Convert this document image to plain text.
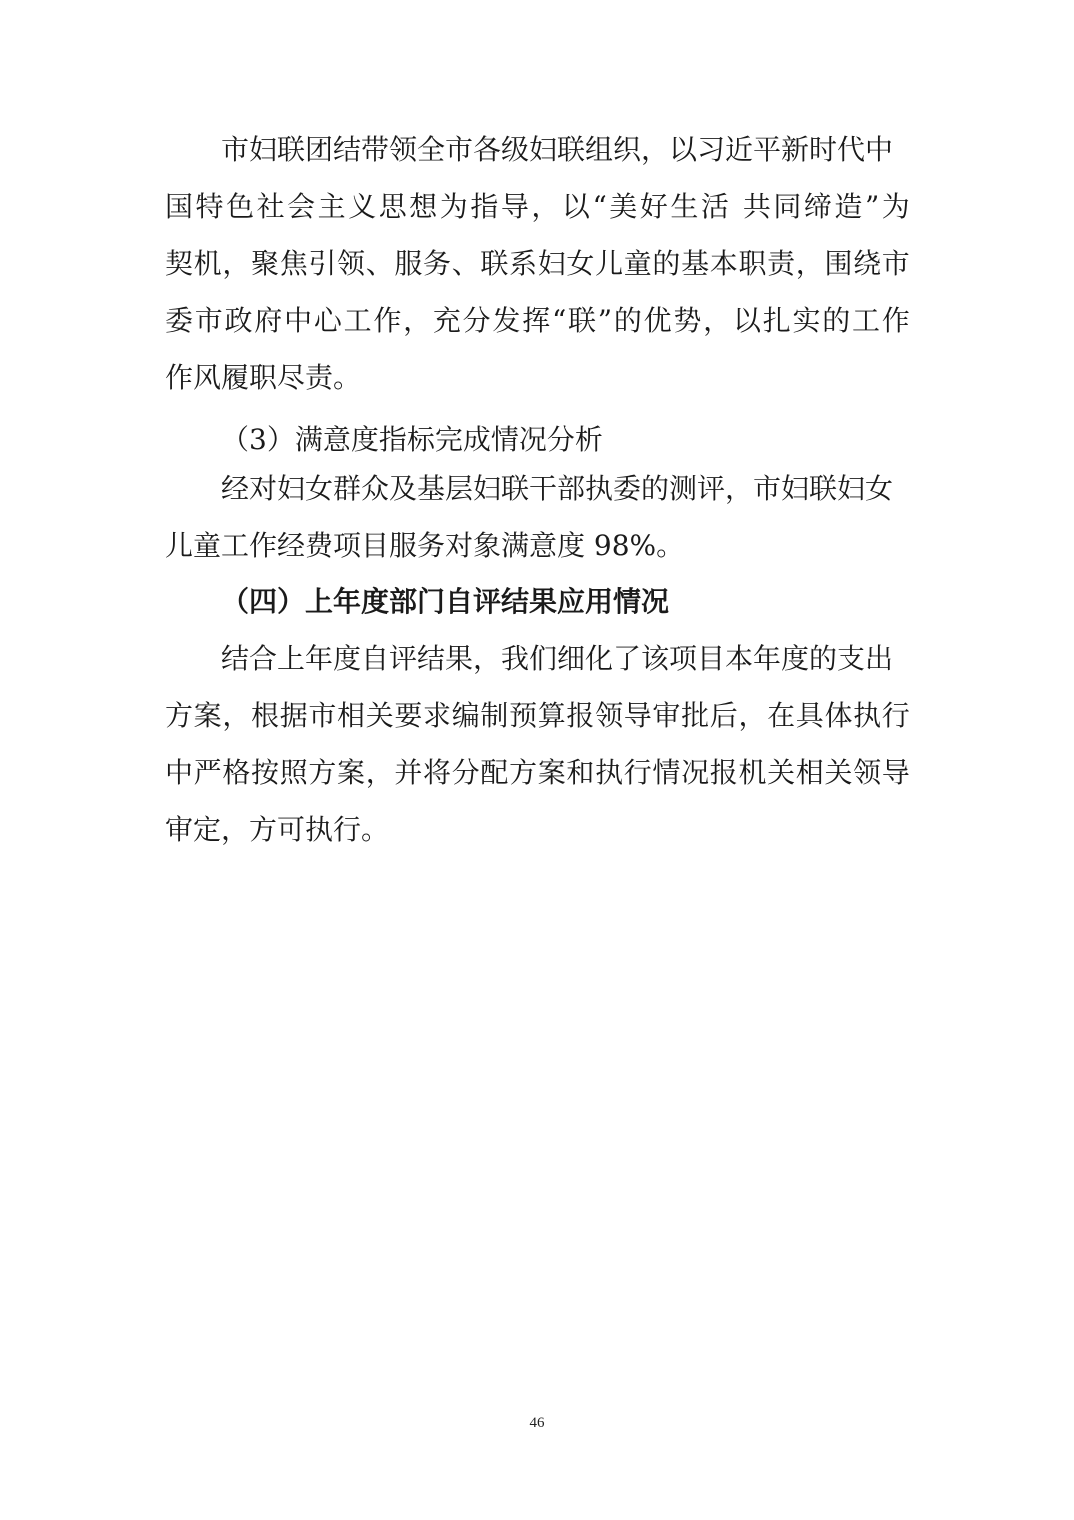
市妇联团结带领全市各级妇联组织，以习近平新时代中
国 特 色 社 会 主 义 思 想 为 指 导 ， 以 “ 美 好 生 活
共 同 缔 造 ” 为
契 机 ， 聚 焦 引 领 、 服 务 、 联 系 妇 女 儿 童 的 基 本 职 责 ， 围 绕 市
委 市 政 府 中 心 工 作 ， 充 分 发 挥 “ 联 ” 的 优 势 ， 以 扎 实 的 工 作
作风履职尽责。
（3）满意度指标完成情况分析
经对妇女群众及基层妇联干部执委的测评，市妇联妇女
儿童工作经费项目服务对象满意度 98%。
（四）上年度部门自评结果应用情况
结合上年度自评结果，我们细化了该项目本年度的支出
方 案 ， 根 据 市 相 关 要 求 编 制 预 算 报 领 导 审 批 后 ， 在 具 体 执 行
中 严 格 按 照 方 案 ， 并 将 分 配 方 案 和 执 行 情 况 报 机 关 相 关 领 导
审定，方可执行。
46
